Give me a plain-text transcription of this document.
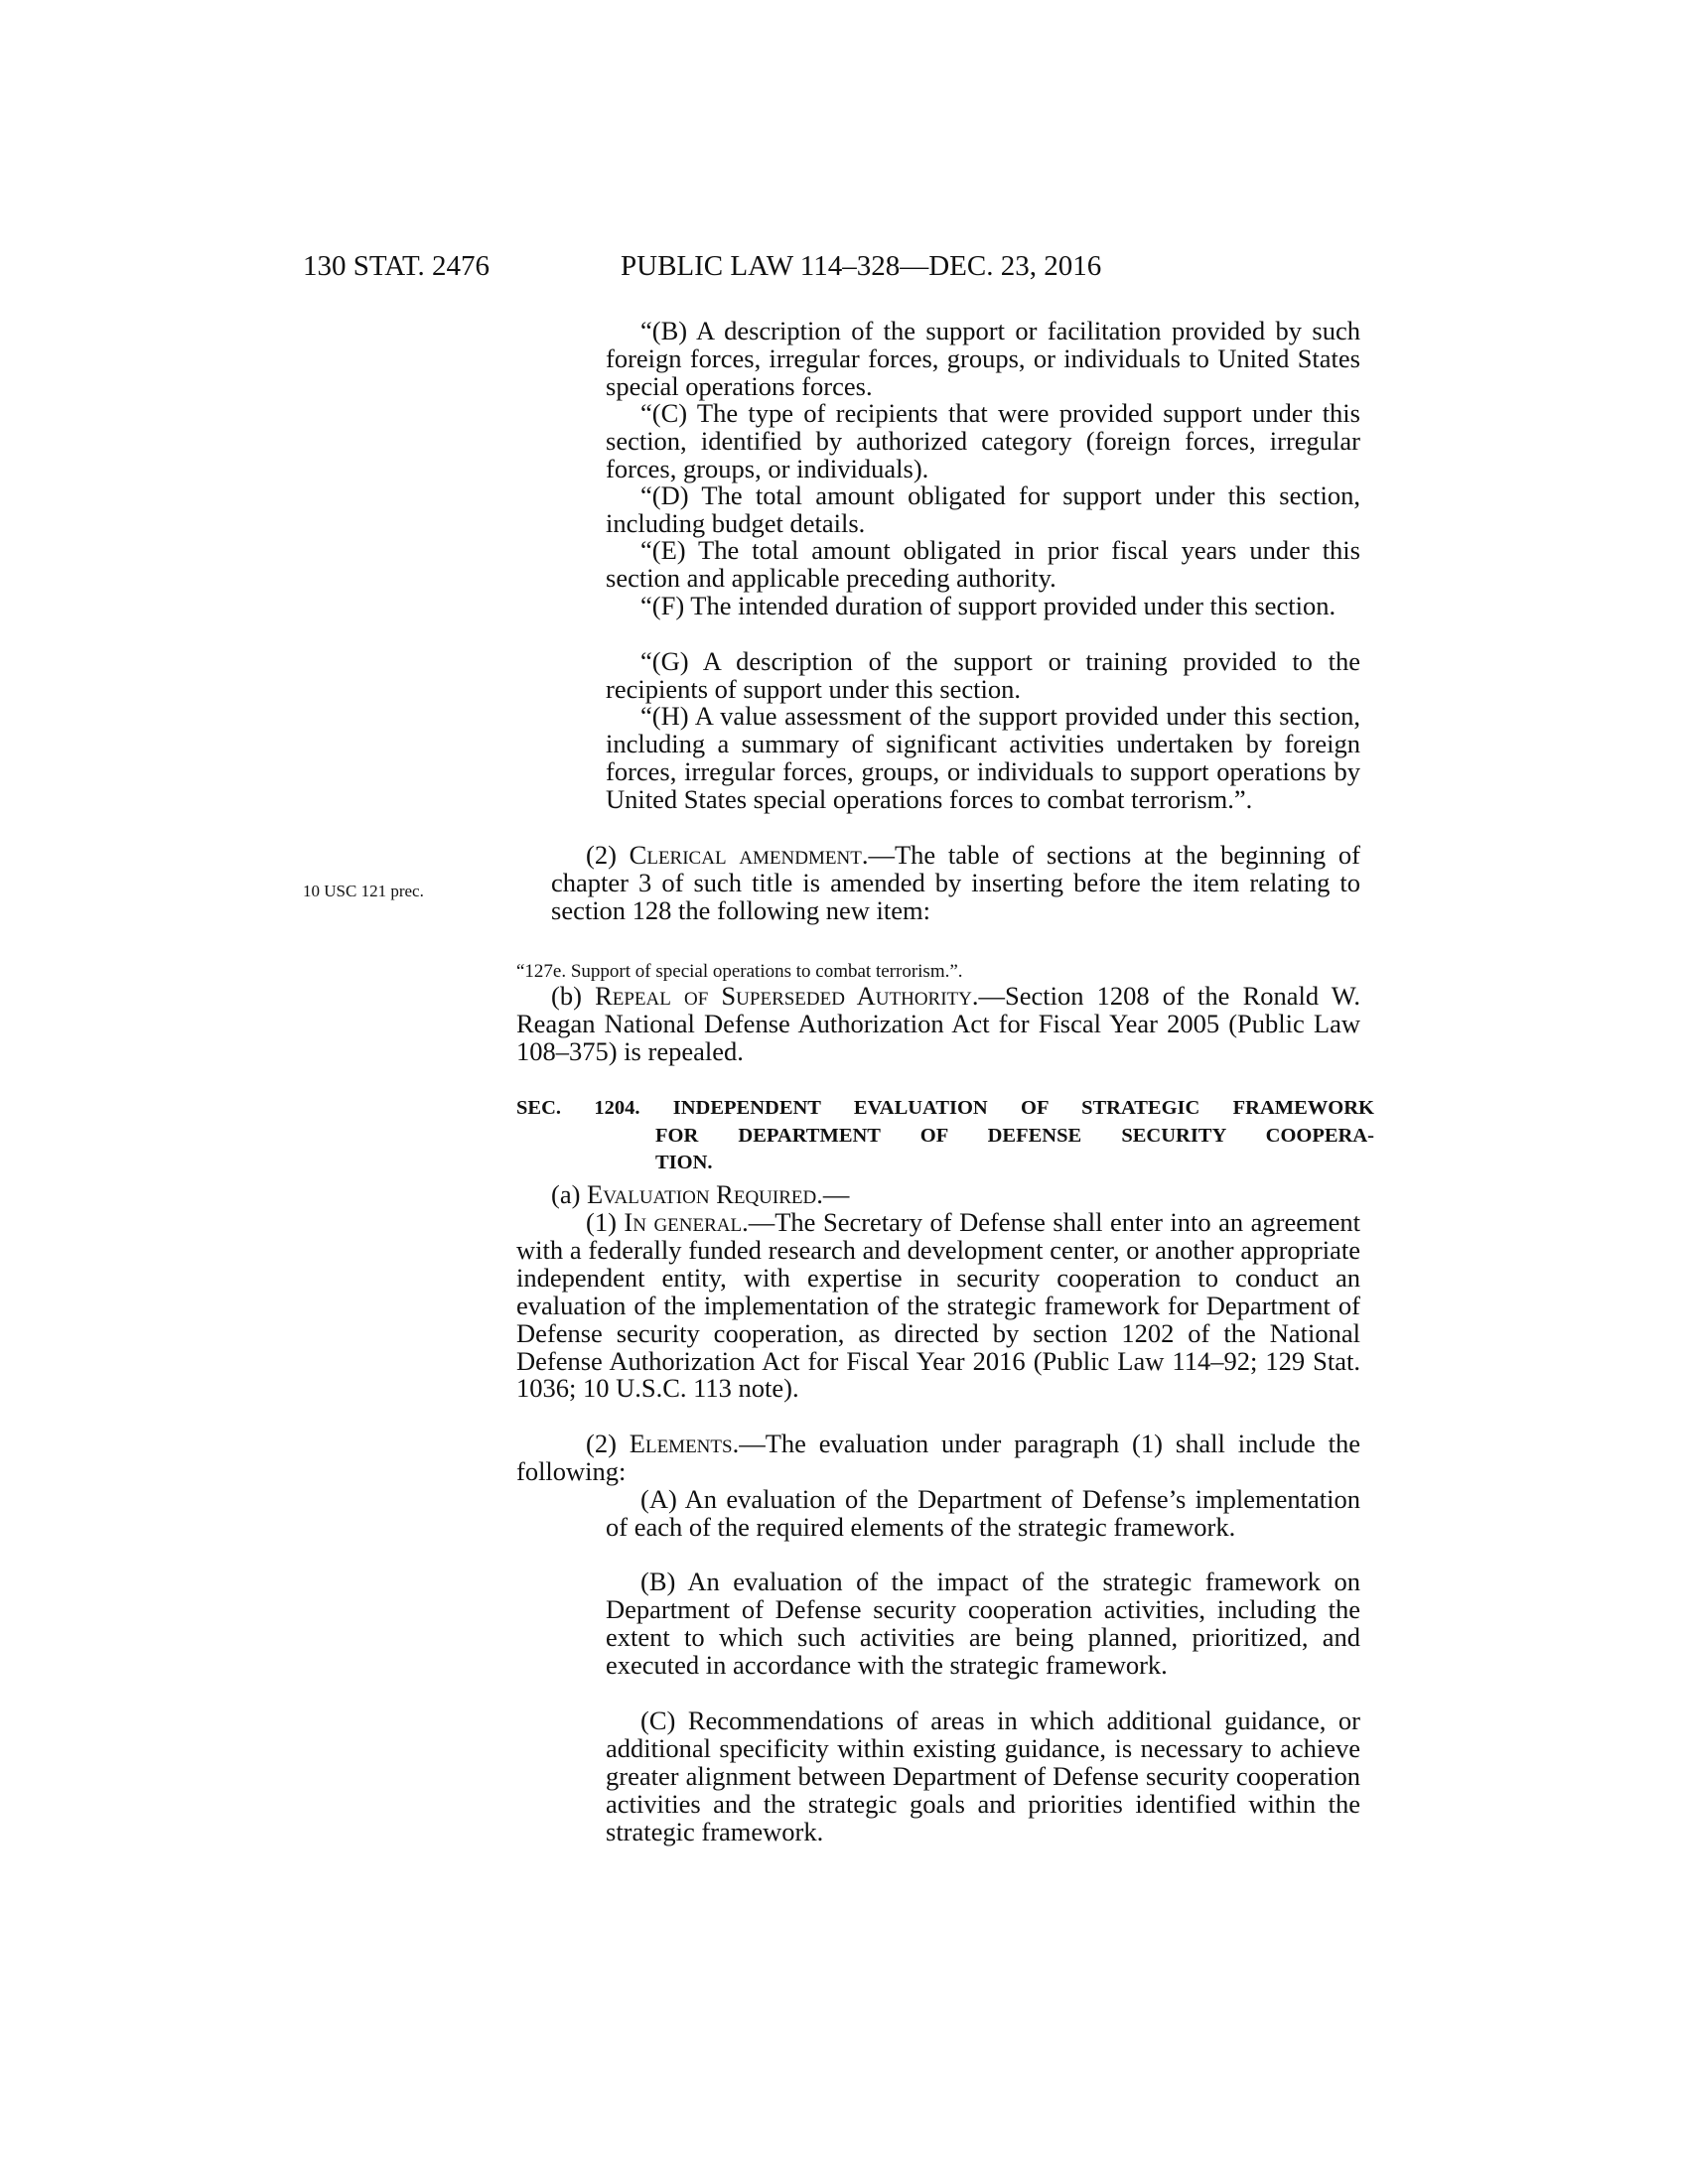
130 STAT. 2476	PUBLIC LAW 114–328—DEC. 23, 2016

“(B) A description of the support or facilitation provided by such foreign forces, irregular forces, groups, or individuals to United States special operations forces.

“(C) The type of recipients that were provided support under this section, identified by authorized category (foreign forces, irregular forces, groups, or individuals).

“(D) The total amount obligated for support under this section, including budget details.

“(E) The total amount obligated in prior fiscal years under this section and applicable preceding authority.

“(F) The intended duration of support provided under this section.

“(G) A description of the support or training provided to the recipients of support under this section.

“(H) A value assessment of the support provided under this section, including a summary of significant activities undertaken by foreign forces, irregular forces, groups, or individuals to support operations by United States special operations forces to combat terrorism.”.

10 USC 121 prec.

(2) Clerical amendment.—The table of sections at the beginning of chapter 3 of such title is amended by inserting before the item relating to section 128 the following new item:

“127e. Support of special operations to combat terrorism.”.

(b) Repeal of Superseded Authority.—Section 1208 of the Ronald W. Reagan National Defense Authorization Act for Fiscal Year 2005 (Public Law 108–375) is repealed.

SEC. 1204. INDEPENDENT EVALUATION OF STRATEGIC FRAMEWORK
FOR DEPARTMENT OF DEFENSE SECURITY COOPERA-
TION.

(a) Evaluation Required.—

(1) In general.—The Secretary of Defense shall enter into an agreement with a federally funded research and development center, or another appropriate independent entity, with expertise in security cooperation to conduct an evaluation of the implementation of the strategic framework for Department of Defense security cooperation, as directed by section 1202 of the National Defense Authorization Act for Fiscal Year 2016 (Public Law 114–92; 129 Stat. 1036; 10 U.S.C. 113 note).

(2) Elements.—The evaluation under paragraph (1) shall include the following:

(A) An evaluation of the Department of Defense’s implementation of each of the required elements of the strategic framework.

(B) An evaluation of the impact of the strategic framework on Department of Defense security cooperation activities, including the extent to which such activities are being planned, prioritized, and executed in accordance with the strategic framework.

(C) Recommendations of areas in which additional guidance, or additional specificity within existing guidance, is necessary to achieve greater alignment between Department of Defense security cooperation activities and the strategic goals and priorities identified within the strategic framework.
